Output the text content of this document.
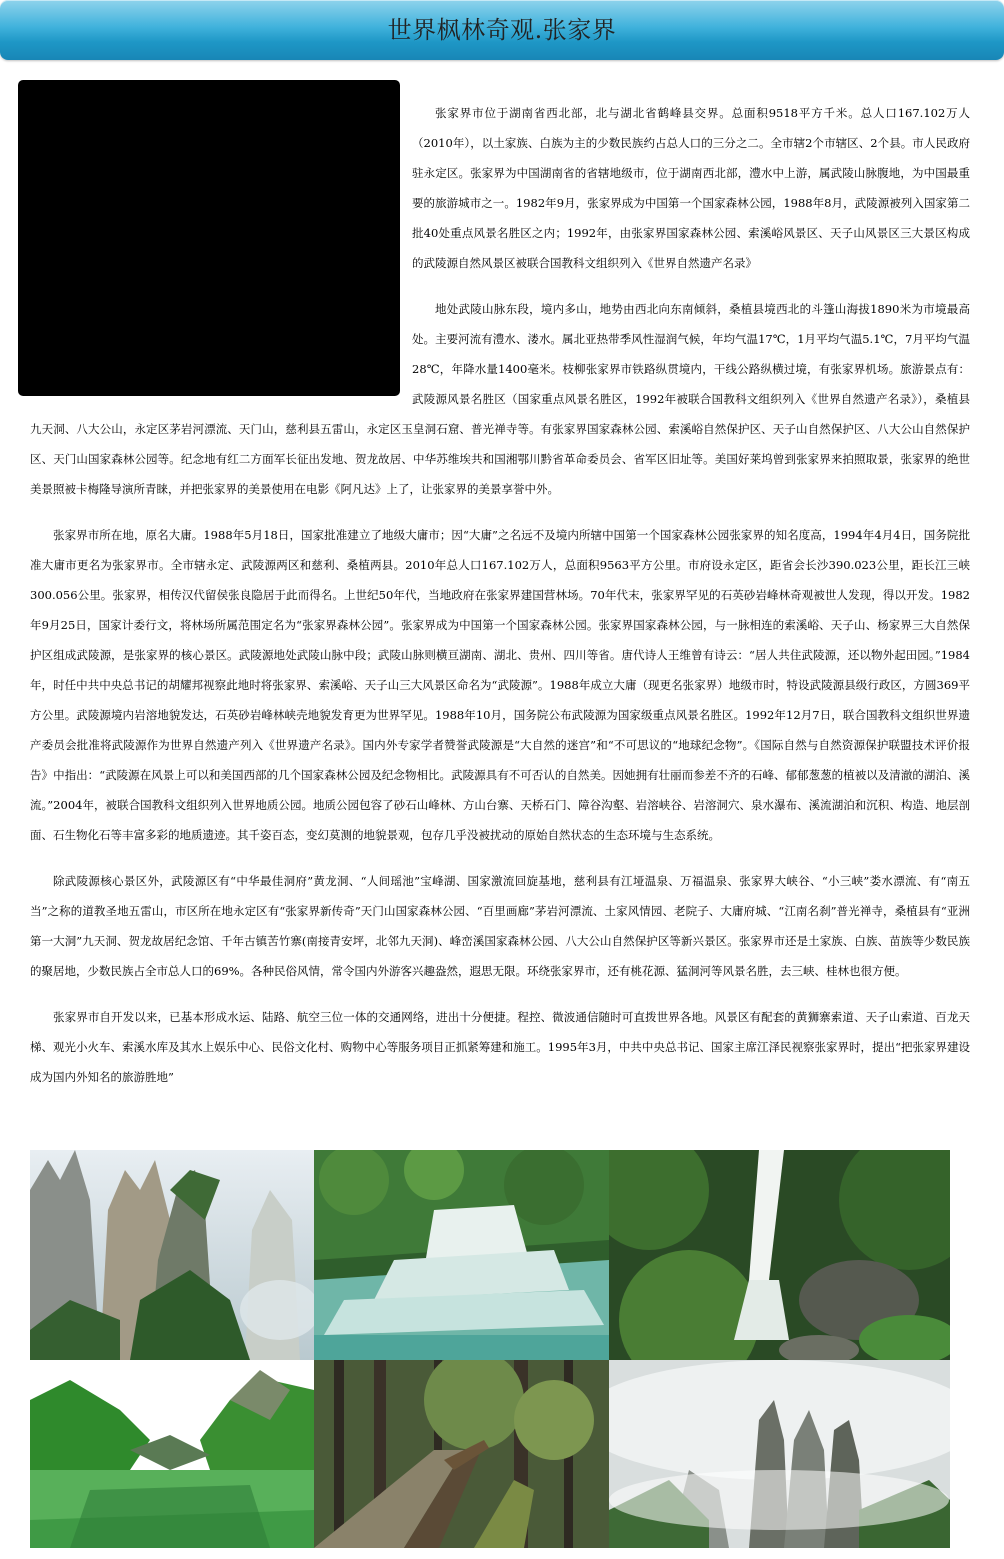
世界枫林奇观.张家界

张家界市位于湖南省西北部，北与湖北省鹤峰县交界。总面积9518平方千米。总人口167.102万人（2010年），以土家族、白族为主的少数民族约占总人口的三分之二。全市辖2个市辖区、2个县。市人民政府驻永定区。张家界为中国湖南省的省辖地级市，位于湖南西北部，澧水中上游，属武陵山脉腹地，为中国最重要的旅游城市之一。1982年9月，张家界成为中国第一个国家森林公园，1988年8月，武陵源被列入国家第二批40处重点风景名胜区之内；1992年，由张家界国家森林公园、索溪峪风景区、天子山风景区三大景区构成的武陵源自然风景区被联合国教科文组织列入《世界自然遗产名录》

地处武陵山脉东段，境内多山，地势由西北向东南倾斜，桑植县境西北的斗篷山海拔1890米为市境最高处。主要河流有澧水、溇水。属北亚热带季风性湿润气候，年均气温17℃，1月平均气温5.1℃，7月平均气温28℃，年降水量1400毫米。枝柳张家界市铁路纵贯境内，干线公路纵横过境，有张家界机场。旅游景点有：武陵源风景名胜区（国家重点风景名胜区，1992年被联合国教科文组织列入《世界自然遗产名录》），桑植县九天洞、八大公山，永定区茅岩河漂流、天门山，慈利县五雷山，永定区玉皇洞石窟、普光禅寺等。有张家界国家森林公园、索溪峪自然保护区、天子山自然保护区、八大公山自然保护区、天门山国家森林公园等。纪念地有红二方面军长征出发地、贺龙故居、中华苏维埃共和国湘鄂川黔省革命委员会、省军区旧址等。美国好莱坞曾到张家界来拍照取景，张家界的绝世美景照被卡梅隆导演所青睐，并把张家界的美景使用在电影《阿凡达》上了，让张家界的美景享誉中外。

张家界市所在地，原名大庸。1988年5月18日，国家批准建立了地级大庸市；因“大庸”之名远不及境内所辖中国第一个国家森林公园张家界的知名度高，1994年4月4日，国务院批准大庸市更名为张家界市。全市辖永定、武陵源两区和慈利、桑植两县。2010年总人口167.102万人，总面积9563平方公里。市府设永定区，距省会长沙390.023公里，距长江三峡300.056公里。张家界，相传汉代留侯张良隐居于此而得名。上世纪50年代，当地政府在张家界建国营林场。70年代末，张家界罕见的石英砂岩峰林奇观被世人发现，得以开发。1982年9月25日，国家计委行文，将林场所属范围定名为“张家界森林公园”。张家界成为中国第一个国家森林公园。张家界国家森林公园，与一脉相连的索溪峪、天子山、杨家界三大自然保护区组成武陵源，是张家界的核心景区。武陵源地处武陵山脉中段；武陵山脉则横亘湖南、湖北、贵州、四川等省。唐代诗人王维曾有诗云：“居人共住武陵源，还以物外起田园。”1984年，时任中共中央总书记的胡耀邦视察此地时将张家界、索溪峪、天子山三大风景区命名为“武陵源”。1988年成立大庸（现更名张家界）地级市时，特设武陵源县级行政区，方圆369平方公里。武陵源境内岩溶地貌发达，石英砂岩峰林峡壳地貌发育更为世界罕见。1988年10月，国务院公布武陵源为国家级重点风景名胜区。1992年12月7日，联合国教科文组织世界遗产委员会批准将武陵源作为世界自然遗产列入《世界遗产名录》。国内外专家学者赞誉武陵源是“大自然的迷宫”和“不可思议的“地球纪念物”。《国际自然与自然资源保护联盟技术评价报告》中指出：“武陵源在风景上可以和美国西部的几个国家森林公园及纪念物相比。武陵源具有不可否认的自然美。因她拥有壮丽而参差不齐的石峰、郁郁葱葱的植被以及清澈的湖泊、溪流。”2004年，被联合国教科文组织列入世界地质公园。地质公园包容了砂石山峰林、方山台寨、天桥石门、障谷沟壑、岩溶峡谷、岩溶洞穴、泉水瀑布、溪流湖泊和沉积、构造、地层剖面、石生物化石等丰富多彩的地质遗迹。其千姿百态，变幻莫测的地貌景观，包存几乎没被扰动的原始自然状态的生态环境与生态系统。

除武陵源核心景区外，武陵源区有“中华最佳洞府”黄龙洞、“人间瑶池”宝峰湖、国家激流回旋基地，慈利县有江垭温泉、万福温泉、张家界大峡谷、“小三峡”娄水漂流、有“南五当”之称的道教圣地五雷山，市区所在地永定区有“张家界新传奇”天门山国家森林公园、“百里画廊”茅岩河漂流、土家风情园、老院子、大庸府城、“江南名刹”普光禅寺，桑植县有“亚洲第一大洞”九天洞、贺龙故居纪念馆、千年古镇苦竹寨(南接青安坪，北邻九天洞)、峰峦溪国家森林公园、八大公山自然保护区等新兴景区。张家界市还是土家族、白族、苗族等少数民族的聚居地，少数民族占全市总人口的69%。各种民俗风情，常令国内外游客兴趣盎然，遐思无限。环绕张家界市，还有桃花源、猛洞河等风景名胜，去三峡、桂林也很方便。

张家界市自开发以来，已基本形成水运、陆路、航空三位一体的交通网络，进出十分便捷。程控、微波通信随时可直拨世界各地。风景区有配套的黄狮寨索道、天子山索道、百龙天梯、观光小火车、索溪水库及其水上娱乐中心、民俗文化村、购物中心等服务项目正抓紧筹建和施工。1995年3月，中共中央总书记、国家主席江泽民视察张家界时，提出“把张家界建设成为国内外知名的旅游胜地”
